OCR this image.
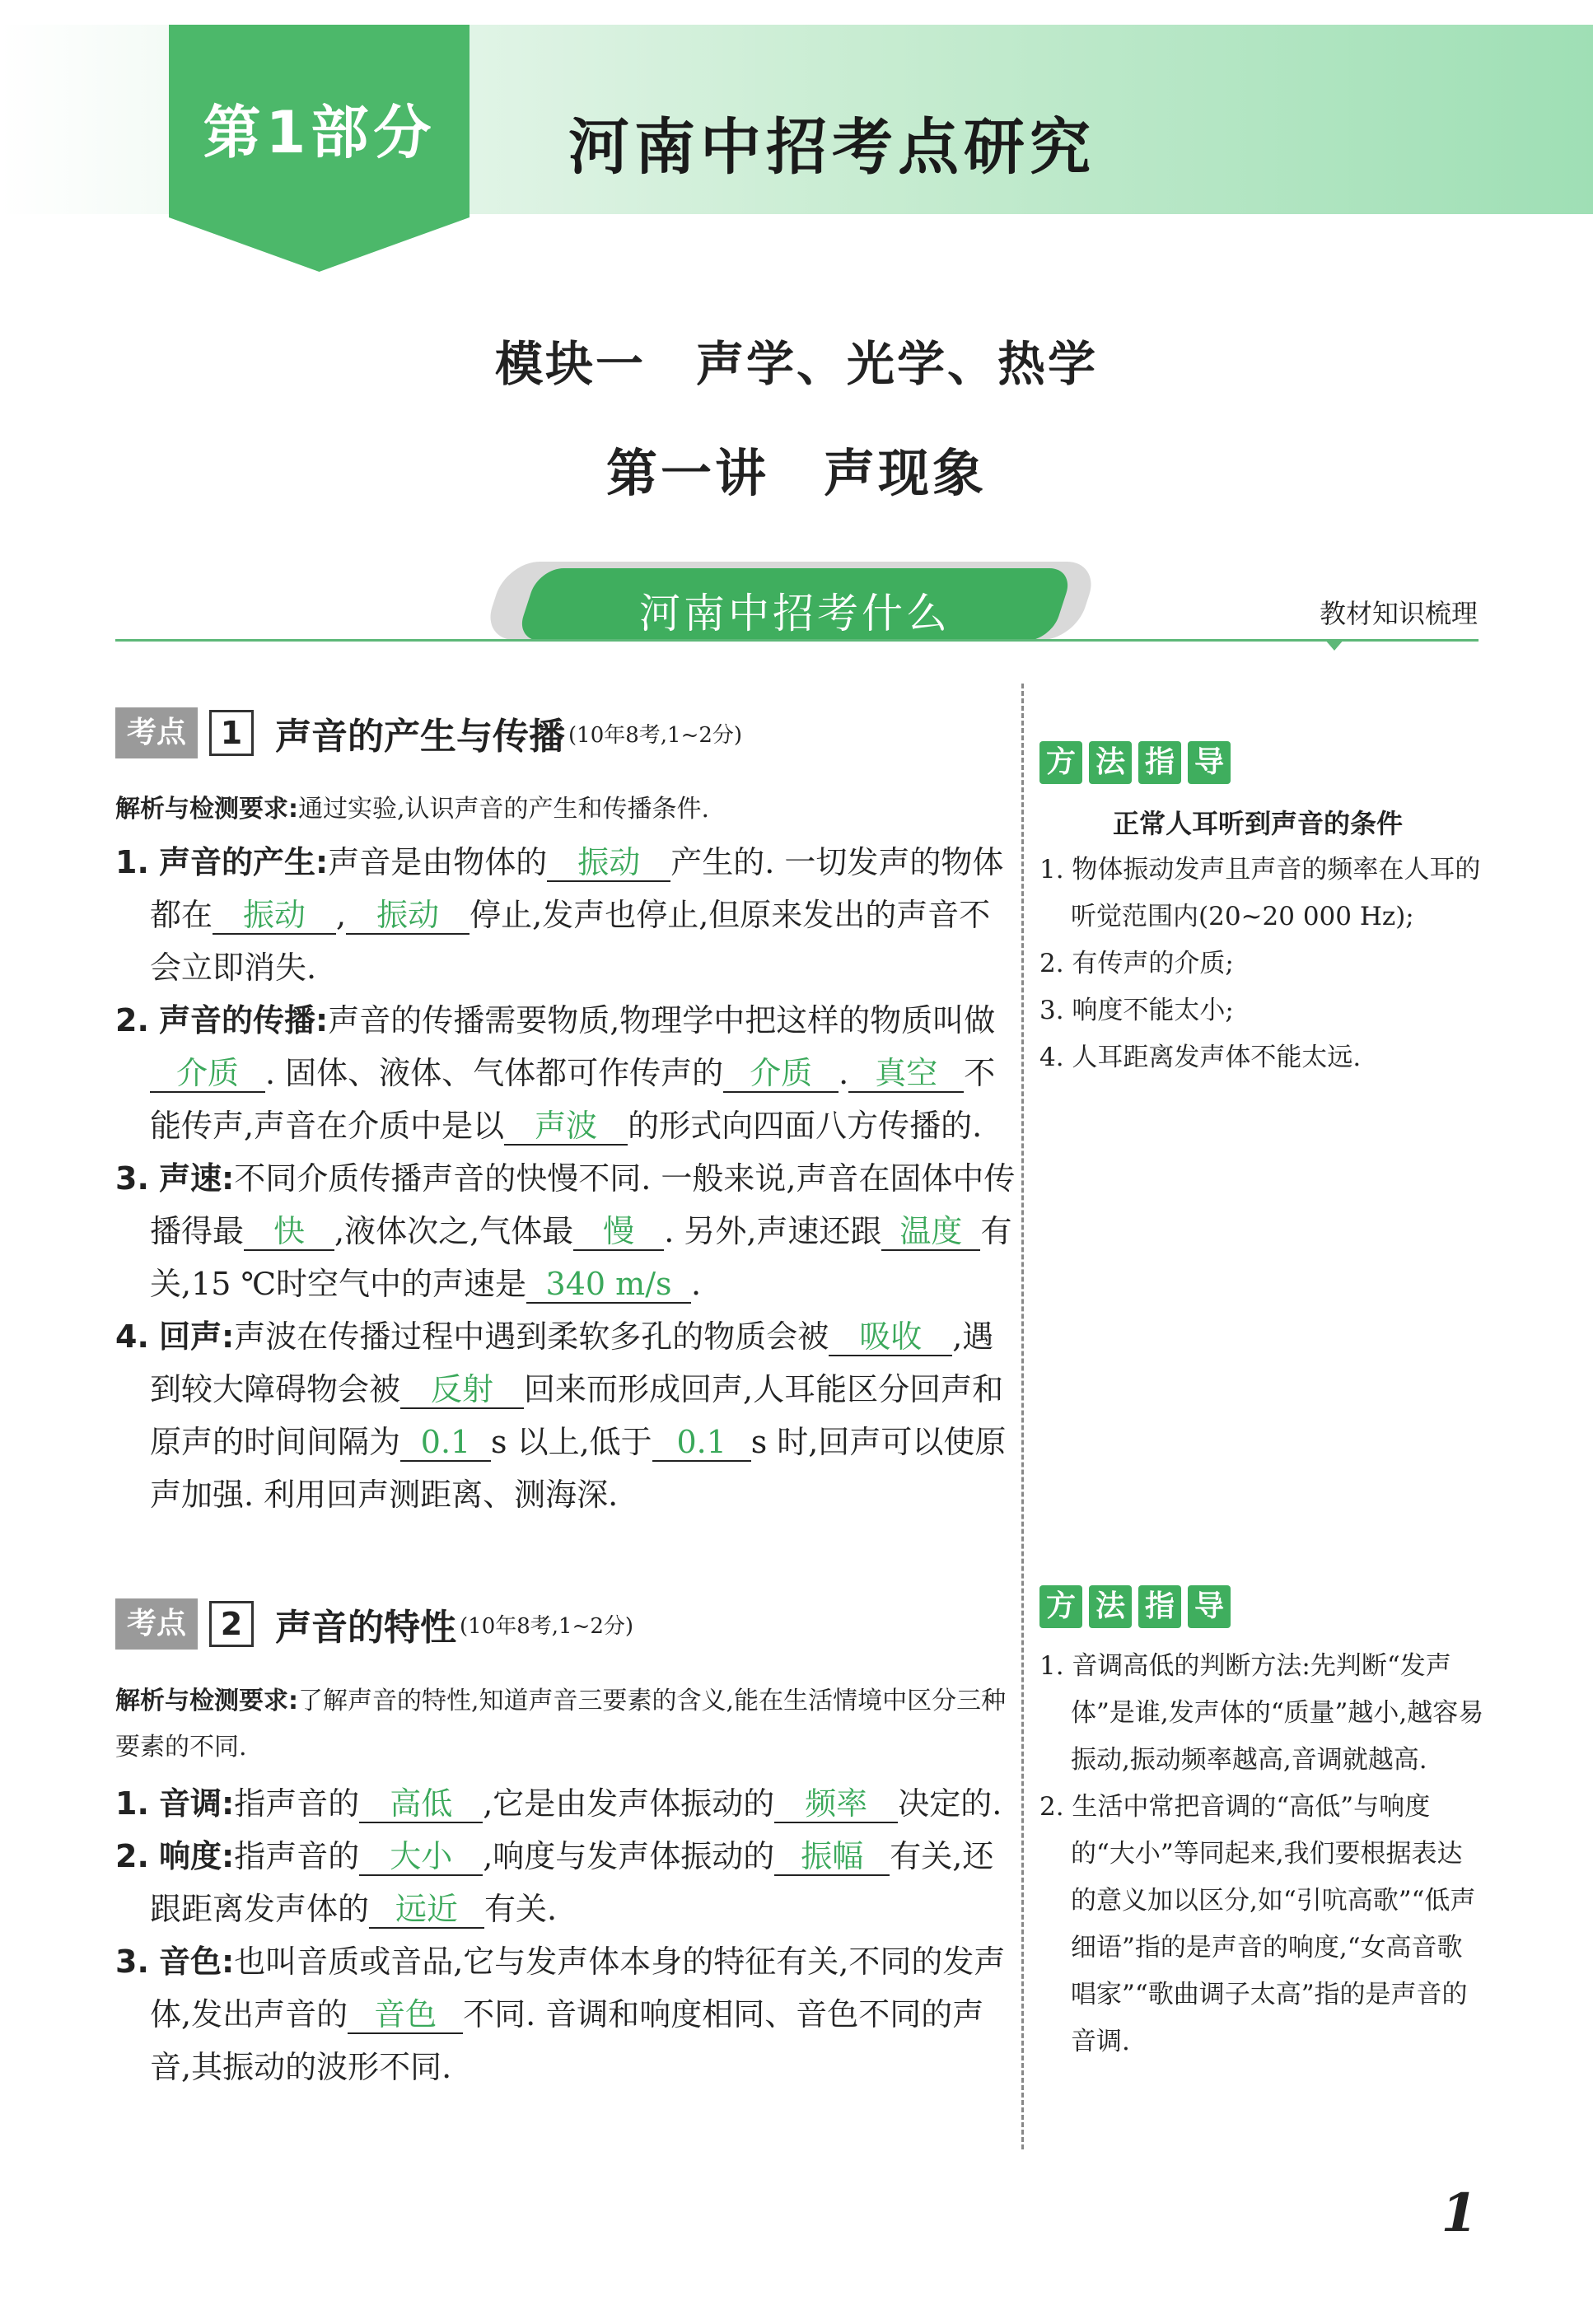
第1部分	河南中招考点研究
模块一　声学、光学、热学
第一讲　声现象
河南中招考什么	教材知识梳理
考点	1 声音的产生与传播 (10年8考,1~2分)
解析与检测要求:通过实验,认识声音的产生和传播条件.
1. 声音的产生:声音是由物体的 振动 产生的. 一切发声的物体都在 振动 , 振动 停止,发声也停止,但原来发出的声音不会立即消失.
2. 声音的传播:声音的传播需要物质,物理学中把这样的物质叫做介质 . 固体、液体、气体都可作传声的 介质 . 真空 不能传声,声音在介质中是以 声波 的形式向四面八方传播的.
3. 声速:不同介质传播声音的快慢不同. 一般来说,声音在固体中传播得最 快 ,液体次之,气体最 慢 . 另外,声速还跟 温度 有关,15 ℃时空气中的声速是 340 m/s .
4. 回声:声波在传播过程中遇到柔软多孔的物质会被 吸收 ,遇到较大障碍物会被 反射 回来而形成回声,人耳能区分回声和原声的时间间隔为 0.1 s 以上,低于 0.1 s 时,回声可以使原声加强. 利用回声测距离、测海深.
考点	2 声音的特性 (10年8考,1~2分)
解析与检测要求:了解声音的特性,知道声音三要素的含义,能在生活情境中区分三种要素的不同.
1. 音调:指声音的 高低 ,它是由发声体振动的 频率 决定的.
2. 响度:指声音的 大小 ,响度与发声体振动的 振幅 有关,还跟距离发声体的 远近 有关.
3. 音色:也叫音质或音品,它与发声体本身的特征有关,不同的发声体,发出声音的 音色 不同. 音调和响度相同、音色不同的声音,其振动的波形不同.
方 法 指 导
正常人耳听到声音的条件
1. 物体振动发声且声音的频率在人耳的听觉范围内(20~20 000 Hz);
2. 有传声的介质;
3. 响度不能太小;
4. 人耳距离发声体不能太远.
方 法 指 导
1. 音调高低的判断方法:先判断“发声体”是谁,发声体的“质量”越小,越容易振动,振动频率越高,音调就越高.
2. 生活中常把音调的“高低”与响度的“大小”等同起来,我们要根据表达的意义加以区分,如“引吭高歌”“低声细语”指的是声音的响度,“女高音歌唱家”“歌曲调子太高”指的是声音的音调.
1
